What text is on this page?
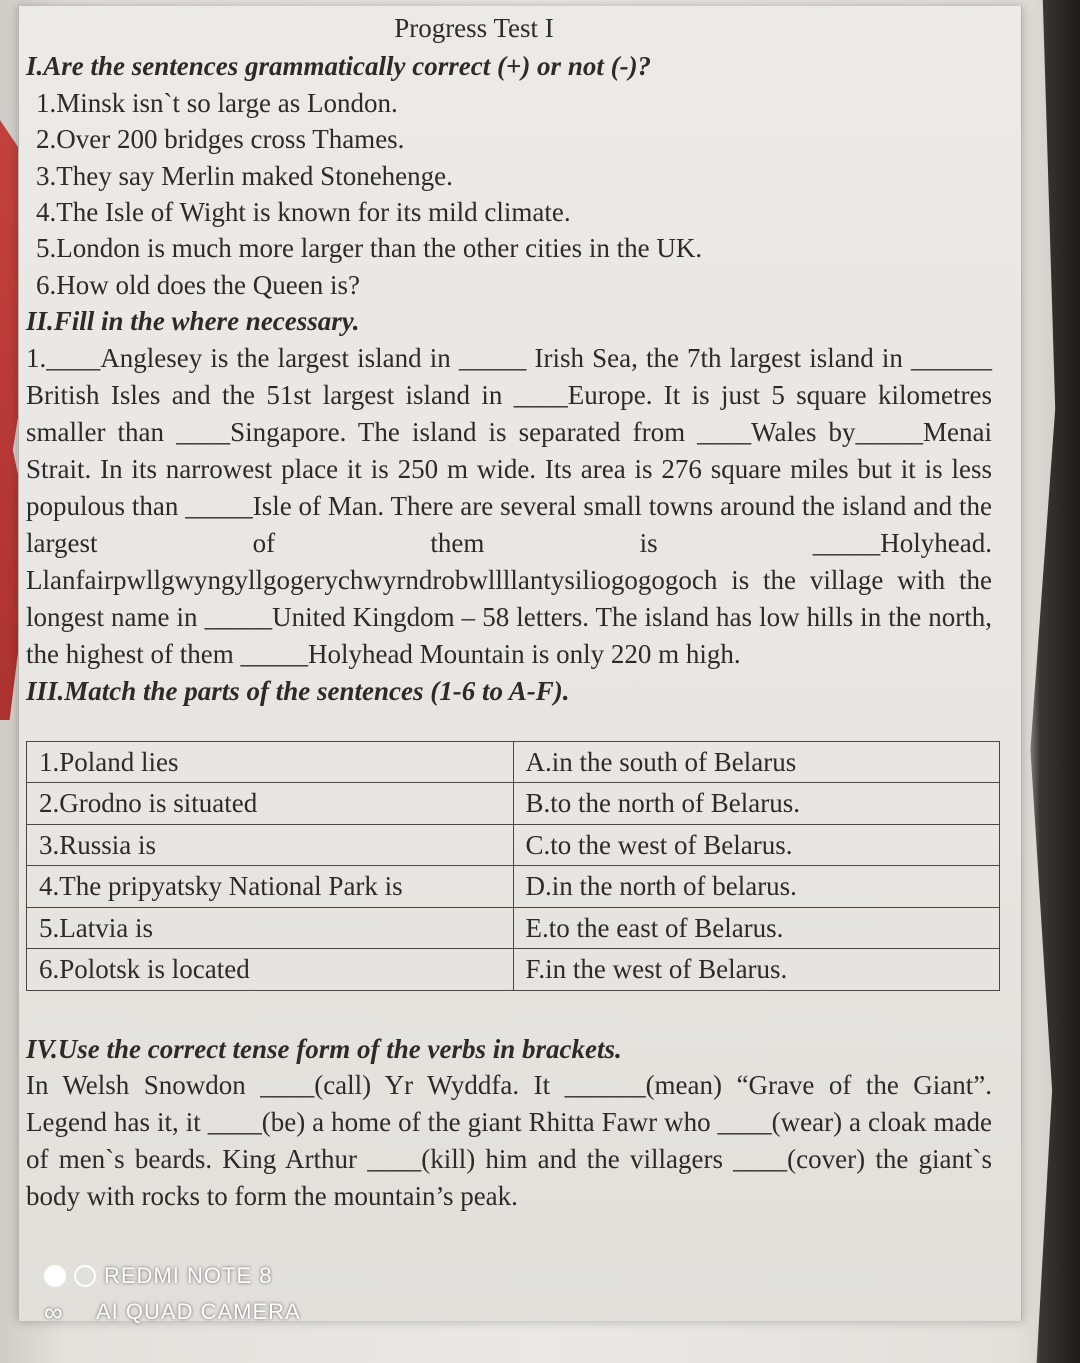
Progress Test I

I.Are the sentences grammatically correct (+) or not (-)?

1.Minsk isn`t so large as London.

2.Over 200 bridges cross Thames.

3.They say Merlin maked Stonehenge.

4.The Isle of Wight is known for its mild climate.

5.London is much more larger than the other cities in the UK.

6.How old does the Queen is?

II.Fill in the where necessary.

1.____Anglesey is the largest island in _____ Irish Sea, the 7th largest island in ______ British Isles and the 51st largest island in ____Europe. It is just 5 square kilometres smaller than ____Singapore. The island is separated from ____Wales by_____Menai Strait. In its narrowest place it is 250 m wide. Its area is 276 square miles but it is less populous than _____Isle of Man. There are several small towns around the island and the largest of them is _____Holyhead. Llanfairpwllgwyngyllgogerychwyrndrobwllllantysiliogogogoch is the village with the longest name in _____United Kingdom – 58 letters. The island has low hills in the north, the highest of them _____Holyhead Mountain is only 220 m high.

III.Match the parts of the sentences (1-6 to A-F).

1.Poland lies	A.in the south of Belarus
2.Grodno is situated	B.to the north of Belarus.
3.Russia is	C.to the west of Belarus.
4.The pripyatsky National Park is	D.in the north of belarus.
5.Latvia is	E.to the east of Belarus.
6.Polotsk is located	F.in the west of Belarus.

IV.Use the correct tense form of the verbs in brackets.

In Welsh Snowdon ____(call) Yr Wyddfa. It ______(mean) “Grave of the Giant”. Legend has it, it ____(be) a home of the giant Rhitta Fawr who ____(wear) a cloak made of men`s beards. King Arthur ____(kill) him and the villagers ____(cover) the giant`s body with rocks to form the mountain’s peak.

REDMI NOTE 8
∞	AI QUAD CAMERA
